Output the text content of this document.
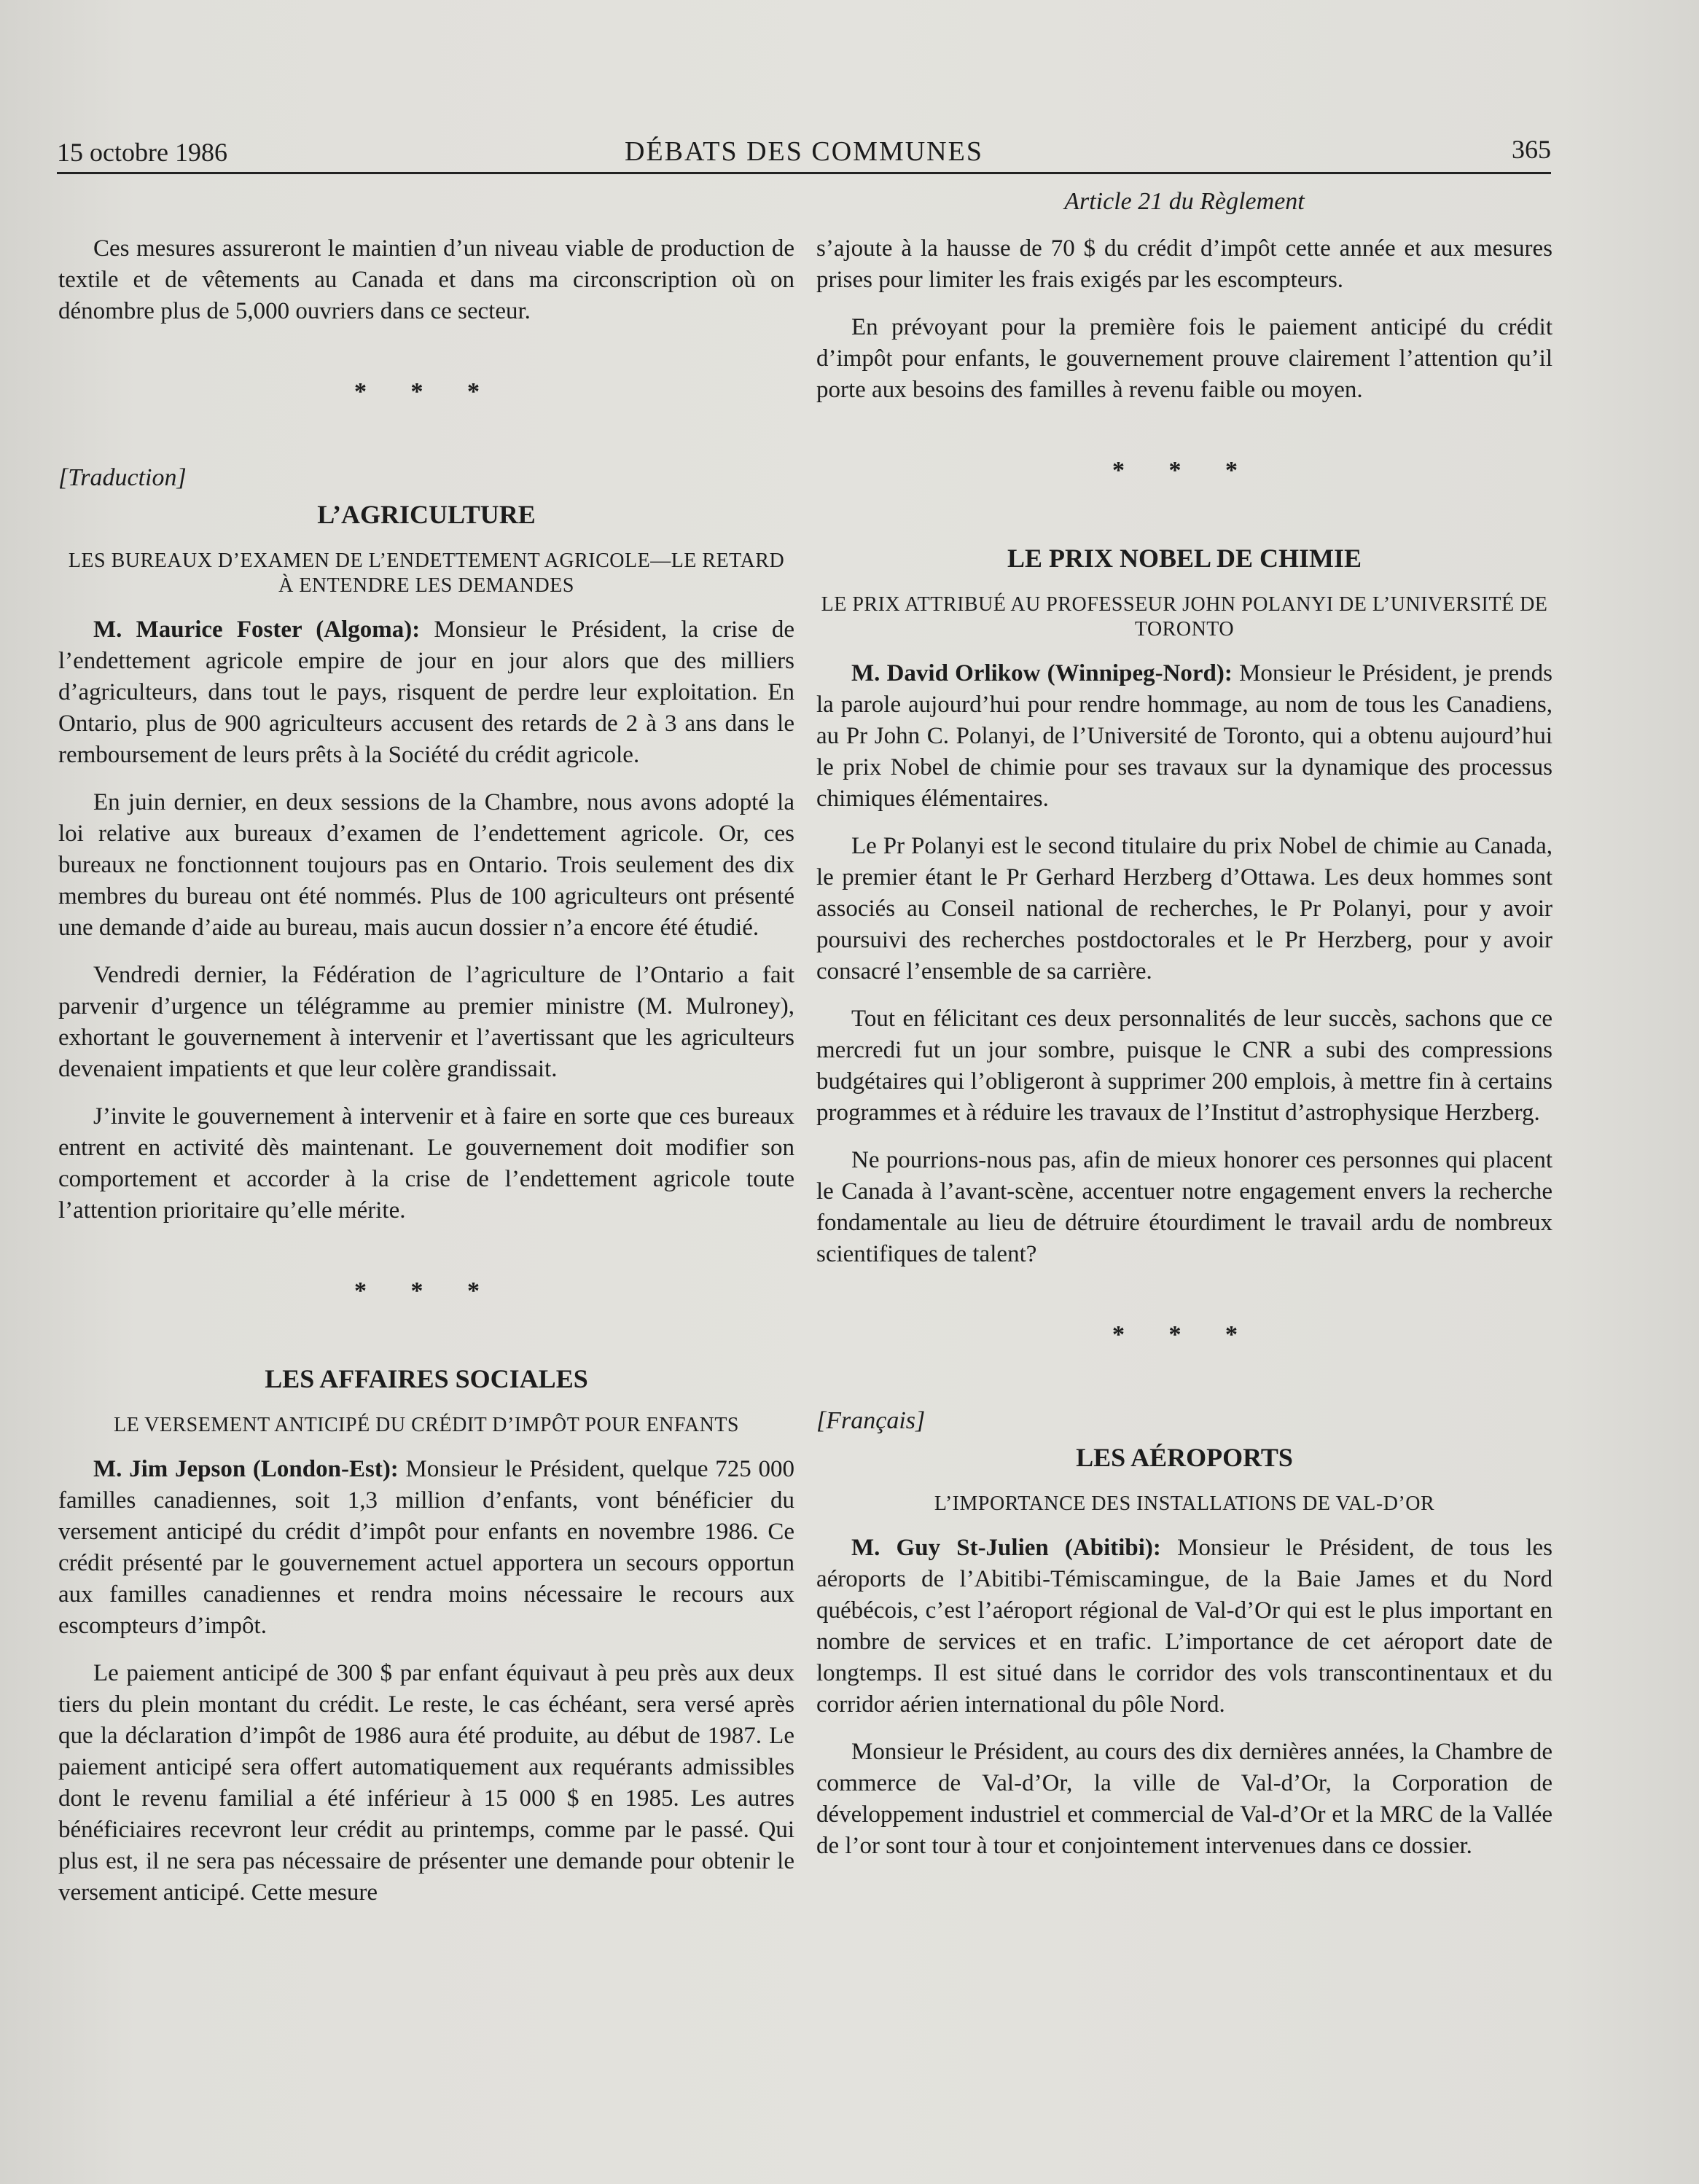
15 octobre 1986	DÉBATS DES COMMUNES	365
Article 21 du Règlement

Ces mesures assureront le maintien d’un niveau viable de production de textile et de vêtements au Canada et dans ma circonscription où on dénombre plus de 5,000 ouvriers dans ce secteur.

* * *
[Traduction]
L’AGRICULTURE
LES BUREAUX D’EXAMEN DE L’ENDETTEMENT AGRICOLE—LE RETARD À ENTENDRE LES DEMANDES

M. Maurice Foster (Algoma): Monsieur le Président, la crise de l’endettement agricole empire de jour en jour alors que des milliers d’agriculteurs, dans tout le pays, risquent de perdre leur exploitation. En Ontario, plus de 900 agriculteurs accusent des retards de 2 à 3 ans dans le remboursement de leurs prêts à la Société du crédit agricole.

En juin dernier, en deux sessions de la Chambre, nous avons adopté la loi relative aux bureaux d’examen de l’endettement agricole. Or, ces bureaux ne fonctionnent toujours pas en Ontario. Trois seulement des dix membres du bureau ont été nommés. Plus de 100 agriculteurs ont présenté une demande d’aide au bureau, mais aucun dossier n’a encore été étudié.

Vendredi dernier, la Fédération de l’agriculture de l’Ontario a fait parvenir d’urgence un télégramme au premier ministre (M. Mulroney), exhortant le gouvernement à intervenir et l’avertissant que les agriculteurs devenaient impatients et que leur colère grandissait.

J’invite le gouvernement à intervenir et à faire en sorte que ces bureaux entrent en activité dès maintenant. Le gouvernement doit modifier son comportement et accorder à la crise de l’endettement agricole toute l’attention prioritaire qu’elle mérite.

* * *
LES AFFAIRES SOCIALES
LE VERSEMENT ANTICIPÉ DU CRÉDIT D’IMPÔT POUR ENFANTS

M. Jim Jepson (London-Est): Monsieur le Président, quelque 725 000 familles canadiennes, soit 1,3 million d’enfants, vont bénéficier du versement anticipé du crédit d’impôt pour enfants en novembre 1986. Ce crédit présenté par le gouvernement actuel apportera un secours opportun aux familles canadiennes et rendra moins nécessaire le recours aux escompteurs d’impôt.

Le paiement anticipé de 300 $ par enfant équivaut à peu près aux deux tiers du plein montant du crédit. Le reste, le cas échéant, sera versé après que la déclaration d’impôt de 1986 aura été produite, au début de 1987. Le paiement anticipé sera offert automatiquement aux requérants admissibles dont le revenu familial a été inférieur à 15 000 $ en 1985. Les autres bénéficiaires recevront leur crédit au printemps, comme par le passé. Qui plus est, il ne sera pas nécessaire de présenter une demande pour obtenir le versement anticipé. Cette mesure

s’ajoute à la hausse de 70 $ du crédit d’impôt cette année et aux mesures prises pour limiter les frais exigés par les escompteurs.

En prévoyant pour la première fois le paiement anticipé du crédit d’impôt pour enfants, le gouvernement prouve clairement l’attention qu’il porte aux besoins des familles à revenu faible ou moyen.

* * *
LE PRIX NOBEL DE CHIMIE
LE PRIX ATTRIBUÉ AU PROFESSEUR JOHN POLANYI DE L’UNIVERSITÉ DE TORONTO

M. David Orlikow (Winnipeg-Nord): Monsieur le Président, je prends la parole aujourd’hui pour rendre hommage, au nom de tous les Canadiens, au Pr John C. Polanyi, de l’Université de Toronto, qui a obtenu aujourd’hui le prix Nobel de chimie pour ses travaux sur la dynamique des processus chimiques élémentaires.

Le Pr Polanyi est le second titulaire du prix Nobel de chimie au Canada, le premier étant le Pr Gerhard Herzberg d’Ottawa. Les deux hommes sont associés au Conseil national de recherches, le Pr Polanyi, pour y avoir poursuivi des recherches postdoctorales et le Pr Herzberg, pour y avoir consacré l’ensemble de sa carrière.

Tout en félicitant ces deux personnalités de leur succès, sachons que ce mercredi fut un jour sombre, puisque le CNR a subi des compressions budgétaires qui l’obligeront à supprimer 200 emplois, à mettre fin à certains programmes et à réduire les travaux de l’Institut d’astrophysique Herzberg.

Ne pourrions-nous pas, afin de mieux honorer ces personnes qui placent le Canada à l’avant-scène, accentuer notre engagement envers la recherche fondamentale au lieu de détruire étourdiment le travail ardu de nombreux scientifiques de talent?

* * *
[Français]
LES AÉROPORTS
L’IMPORTANCE DES INSTALLATIONS DE VAL-D’OR

M. Guy St-Julien (Abitibi): Monsieur le Président, de tous les aéroports de l’Abitibi-Témiscamingue, de la Baie James et du Nord québécois, c’est l’aéroport régional de Val-d’Or qui est le plus important en nombre de services et en trafic. L’importance de cet aéroport date de longtemps. Il est situé dans le corridor des vols transcontinentaux et du corridor aérien international du pôle Nord.

Monsieur le Président, au cours des dix dernières années, la Chambre de commerce de Val-d’Or, la ville de Val-d’Or, la Corporation de développement industriel et commercial de Val-d’Or et la MRC de la Vallée de l’or sont tour à tour et conjointement intervenues dans ce dossier.
